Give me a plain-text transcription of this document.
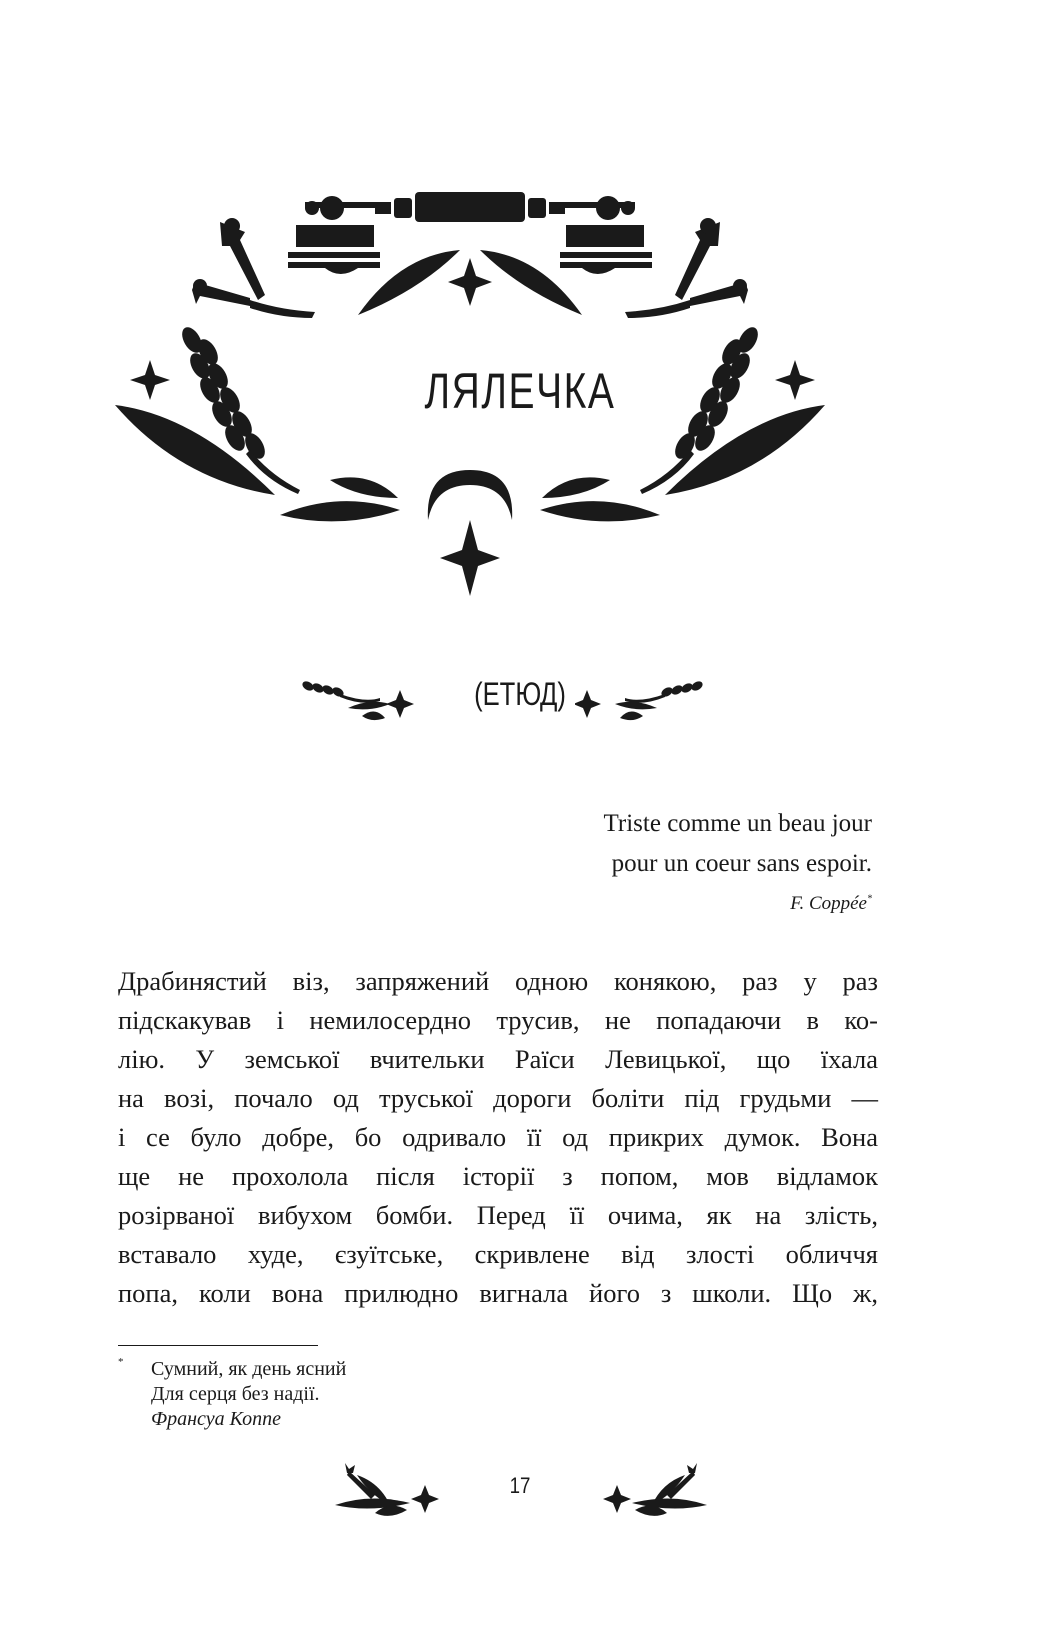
ЛЯЛЕЧКА
(ЕТЮД)
Triste comme un beau jour
pour un coeur sans espoir.
F. Coppée*
Драбинястий віз, запряжений одною конякою, раз у раз
підскакував і немилосердно трусив, не попадаючи в ко-
лію. У земської вчительки Раїси Левицької, що їхала
на возі, почало од труської дороги боліти під грудьми —
і се було добре, бо одривало її од прикрих думок. Вона
ще не прохолола після історії з попом, мов відламок
розірваної вибухом бомби. Перед її очима, як на злість,
вставало худе, єзуїтське, скривлене від злості обличчя
попа, коли вона прилюдно вигнала його з школи. Що ж,
* Сумний, як день ясний
Для серця без надії.
Франсуа Коппе
17
